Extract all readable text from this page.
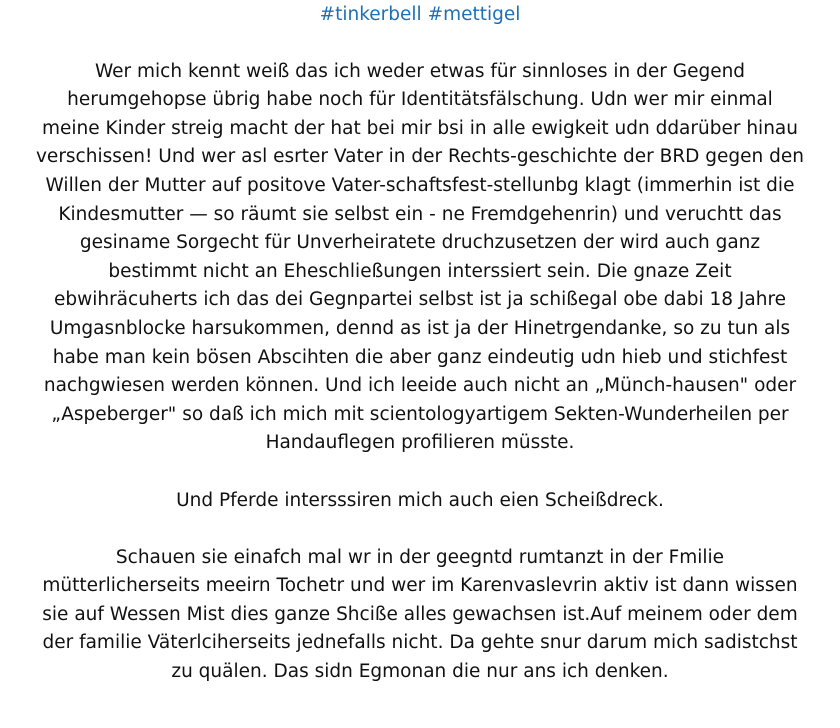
#tinkerbell #mettigel

Wer mich kennt weiß das ich weder etwas für sinnloses in der Gegend
herumgehopse übrig habe noch für Identitätsfälschung. Udn wer mir einmal
meine Kinder streig macht der hat bei mir bsi in alle ewigkeit udn ddarüber hinau
verschissen! Und wer asl esrter Vater in der Rechts-geschichte der BRD gegen den
Willen der Mutter auf positove Vater-schaftsfest-stellunbg klagt (immerhin ist die
Kindesmutter — so räumt sie selbst ein - ne Fremdgehenrin) und veruchtt das
gesiname Sorgecht für Unverheiratete druchzusetzen der wird auch ganz
bestimmt nicht an Eheschließungen interssiert sein. Die gnaze Zeit
ebwihräcuherts ich das dei Gegnpartei selbst ist ja schißegal obe dabi 18 Jahre
Umgasnblocke harsukommen, dennd as ist ja der Hinetrgendanke, so zu tun als
habe man kein bösen Abscihten die aber ganz eindeutig udn hieb und stichfest
nachgwiesen werden können. Und ich leeide auch nicht an „Münch-hausen" oder
„Aspeberger" so daß ich mich mit scientologyartigem Sekten-Wunderheilen per
Handauflegen profilieren müsste.

Und Pferde intersssiren mich auch eien Scheißdreck.

Schauen sie einafch mal wr in der geegntd rumtanzt in der Fmilie
mütterlicherseits meeirn Tochetr und wer im Karenvaslevrin aktiv ist dann wissen
sie auf Wessen Mist dies ganze Shciße alles gewachsen ist.Auf meinem oder dem
der familie Väterlciherseits jednefalls nicht. Da gehte snur darum mich sadistchst
zu quälen. Das sidn Egmonan die nur ans ich denken.
